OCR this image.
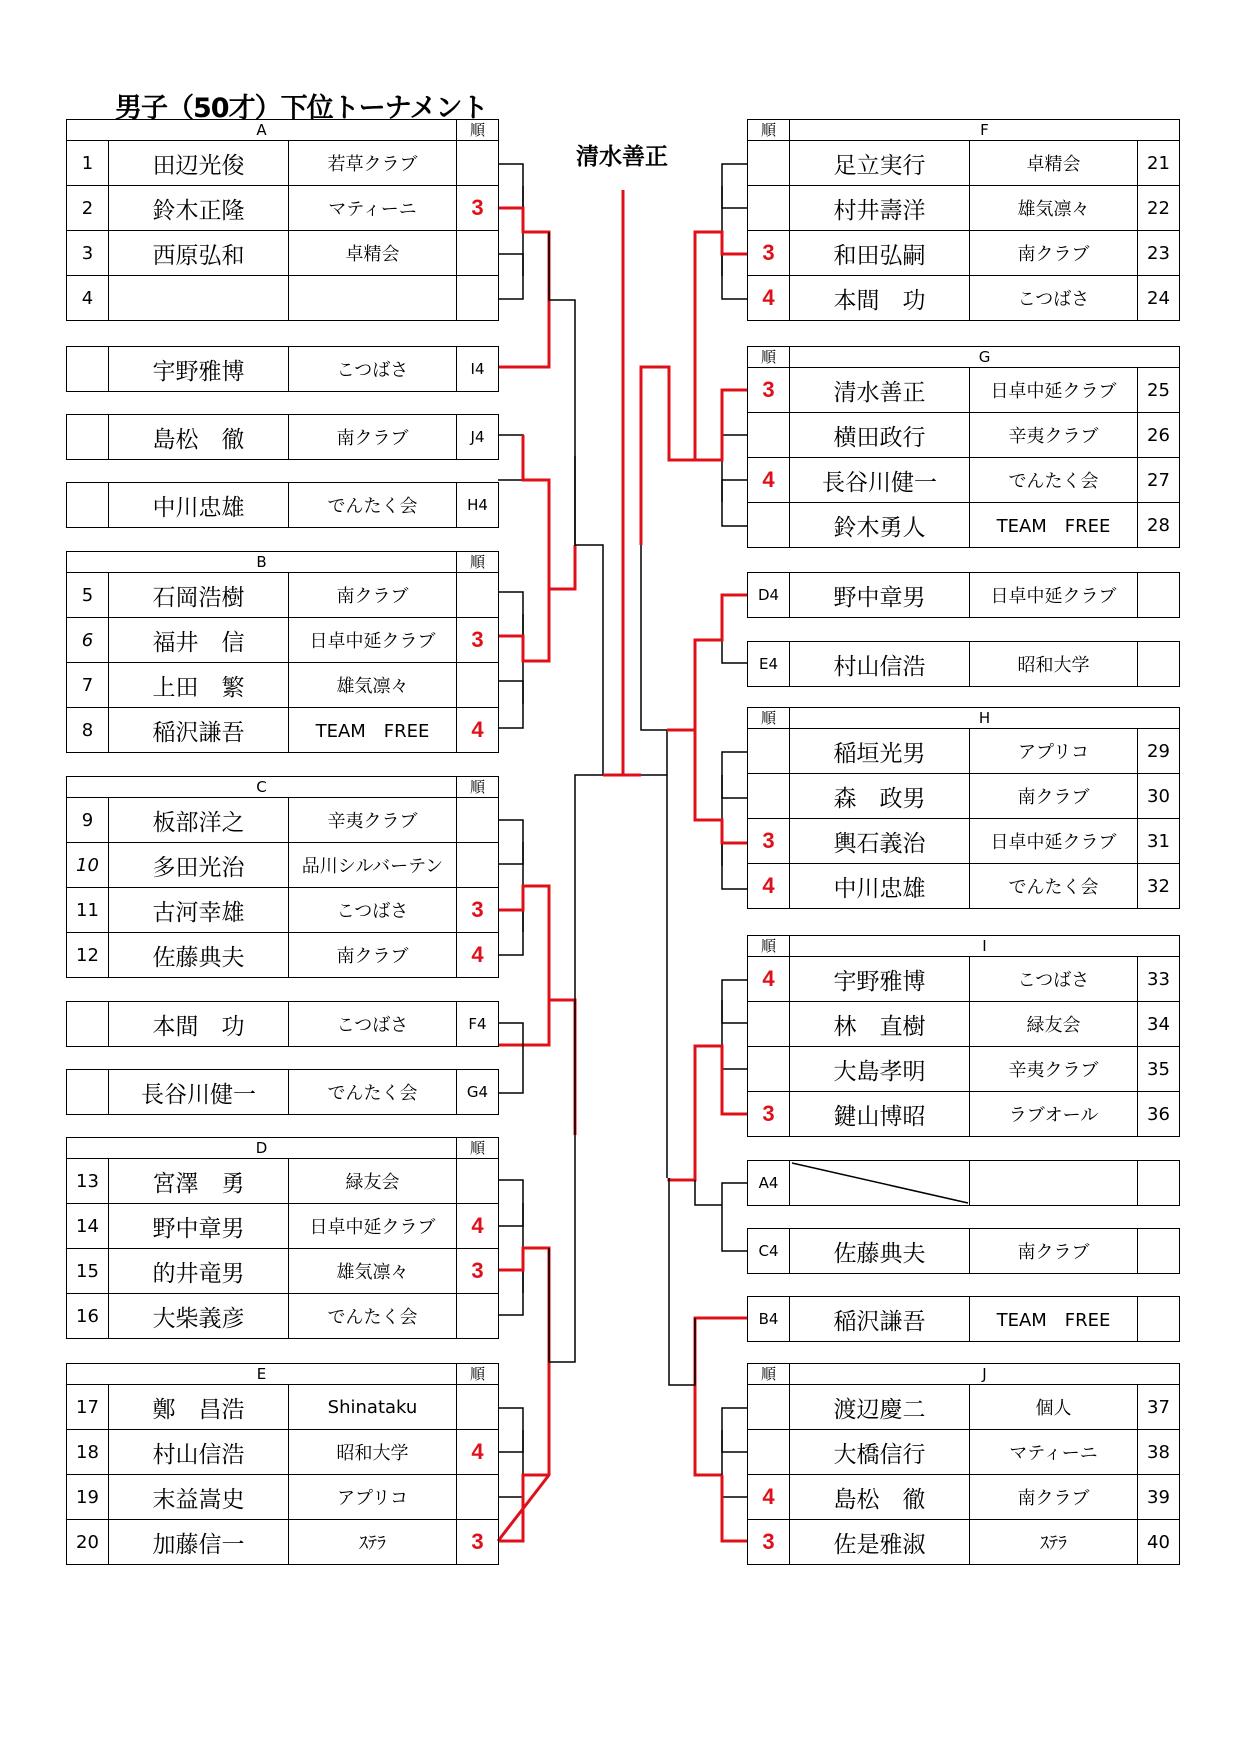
男子（50才）下位トーナメント
清水善正
A			順
1	田辺光俊	若草クラブ	
2	鈴木正隆	マティーニ	3
3	西原弘和	卓精会	
4			
B			順
5	石岡浩樹	南クラブ	
6	福井　信	日卓中延クラブ	3
7	上田　繁	雄気凛々	
8	稲沢謙吾	TEAM　FREE	4
C			順
9	板部洋之	辛夷クラブ	
10	多田光治	品川シルバーテン	
11	古河幸雄	こつばさ	3
12	佐藤典夫	南クラブ	4
D			順
13	宮澤　勇	緑友会	
14	野中章男	日卓中延クラブ	4
15	的井竜男	雄気凛々	3
16	大柴義彦	でんたく会	
E			順
17	鄭　昌浩	Shinataku	
18	村山信浩	昭和大学	4
19	末益嵩史	アプリコ	
20	加藤信一	ｽﾃﾗ	3
	宇野雅博	こつばさ	I4
	島松　徹	南クラブ	J4
	中川忠雄	でんたく会	H4
	本間　功	こつばさ	F4
	長谷川健一	でんたく会	G4
順	F		
	足立実行	卓精会	21
	村井壽洋	雄気凛々	22
3	和田弘嗣	南クラブ	23
4	本間　功	こつばさ	24
順	G		
3	清水善正	日卓中延クラブ	25
	横田政行	辛夷クラブ	26
4	長谷川健一	でんたく会	27
	鈴木勇人	TEAM　FREE	28
順	H		
	稲垣光男	アプリコ	29
	森　政男	南クラブ	30
3	輿石義治	日卓中延クラブ	31
4	中川忠雄	でんたく会	32
順	I		
4	宇野雅博	こつばさ	33
	林　直樹	緑友会	34
	大島孝明	辛夷クラブ	35
3	鍵山博昭	ラブオール	36
順	J		
	渡辺慶二	個人	37
	大橋信行	マティーニ	38
4	島松　徹	南クラブ	39
3	佐是雅淑	ｽﾃﾗ	40
D4	野中章男	日卓中延クラブ	
E4	村山信浩	昭和大学	
A4	

C4	佐藤典夫	南クラブ	
B4	稲沢謙吾	TEAM　FREE	
